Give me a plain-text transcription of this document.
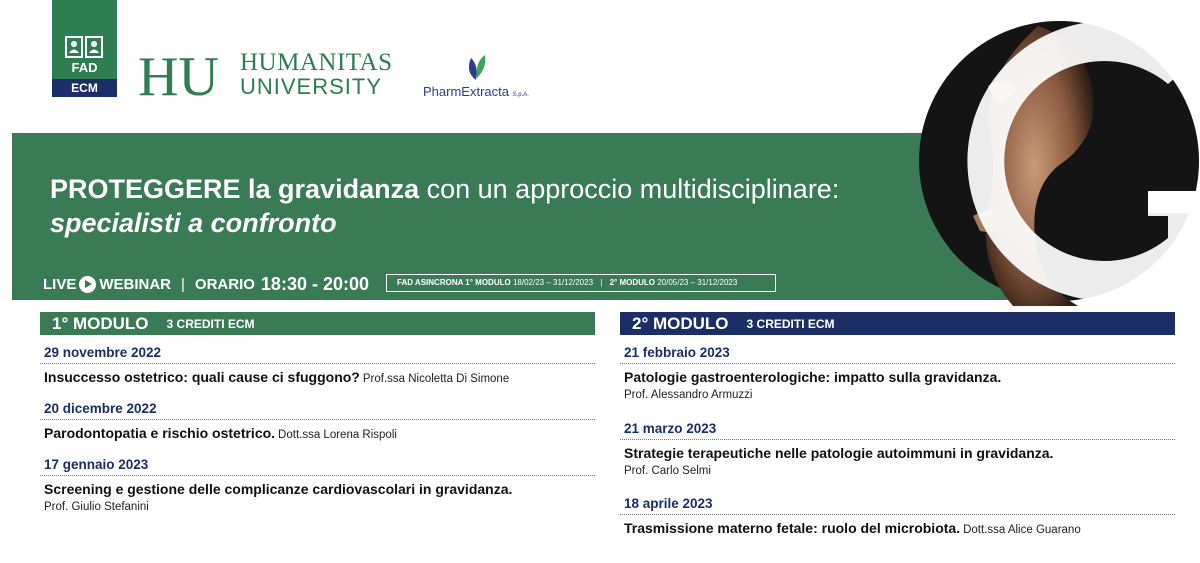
FAD
ECM HU HUMANITAS
UNIVERSITY	PharmExtracta S.p.A.
PROTEGGERE la gravidanza con un approccio multidisciplinare: specialisti a confronto
LIVE WEBINAR | ORARIO 18:30 - 20:00	FAD ASINCRONA 1° MODULO 18/02/23 – 31/12/2023 | 2° MODULO 20/05/23 – 31/12/2023
1° MODULO 3 CREDITI ECM	2° MODULO 3 CREDITI ECM
29 novembre 2022
Insuccesso ostetrico: quali cause ci sfuggono? Prof.ssa Nicoletta Di Simone
20 dicembre 2022
Parodontopatia e rischio ostetrico. Dott.ssa Lorena Rispoli
17 gennaio 2023
Screening e gestione delle complicanze cardiovascolari in gravidanza.
Prof. Giulio Stefanini
21 febbraio 2023
Patologie gastroenterologiche: impatto sulla gravidanza.
Prof. Alessandro Armuzzi
21 marzo 2023
Strategie terapeutiche nelle patologie autoimmuni in gravidanza.
Prof. Carlo Selmi
18 aprile 2023
Trasmissione materno fetale: ruolo del microbiota. Dott.ssa Alice Guarano
